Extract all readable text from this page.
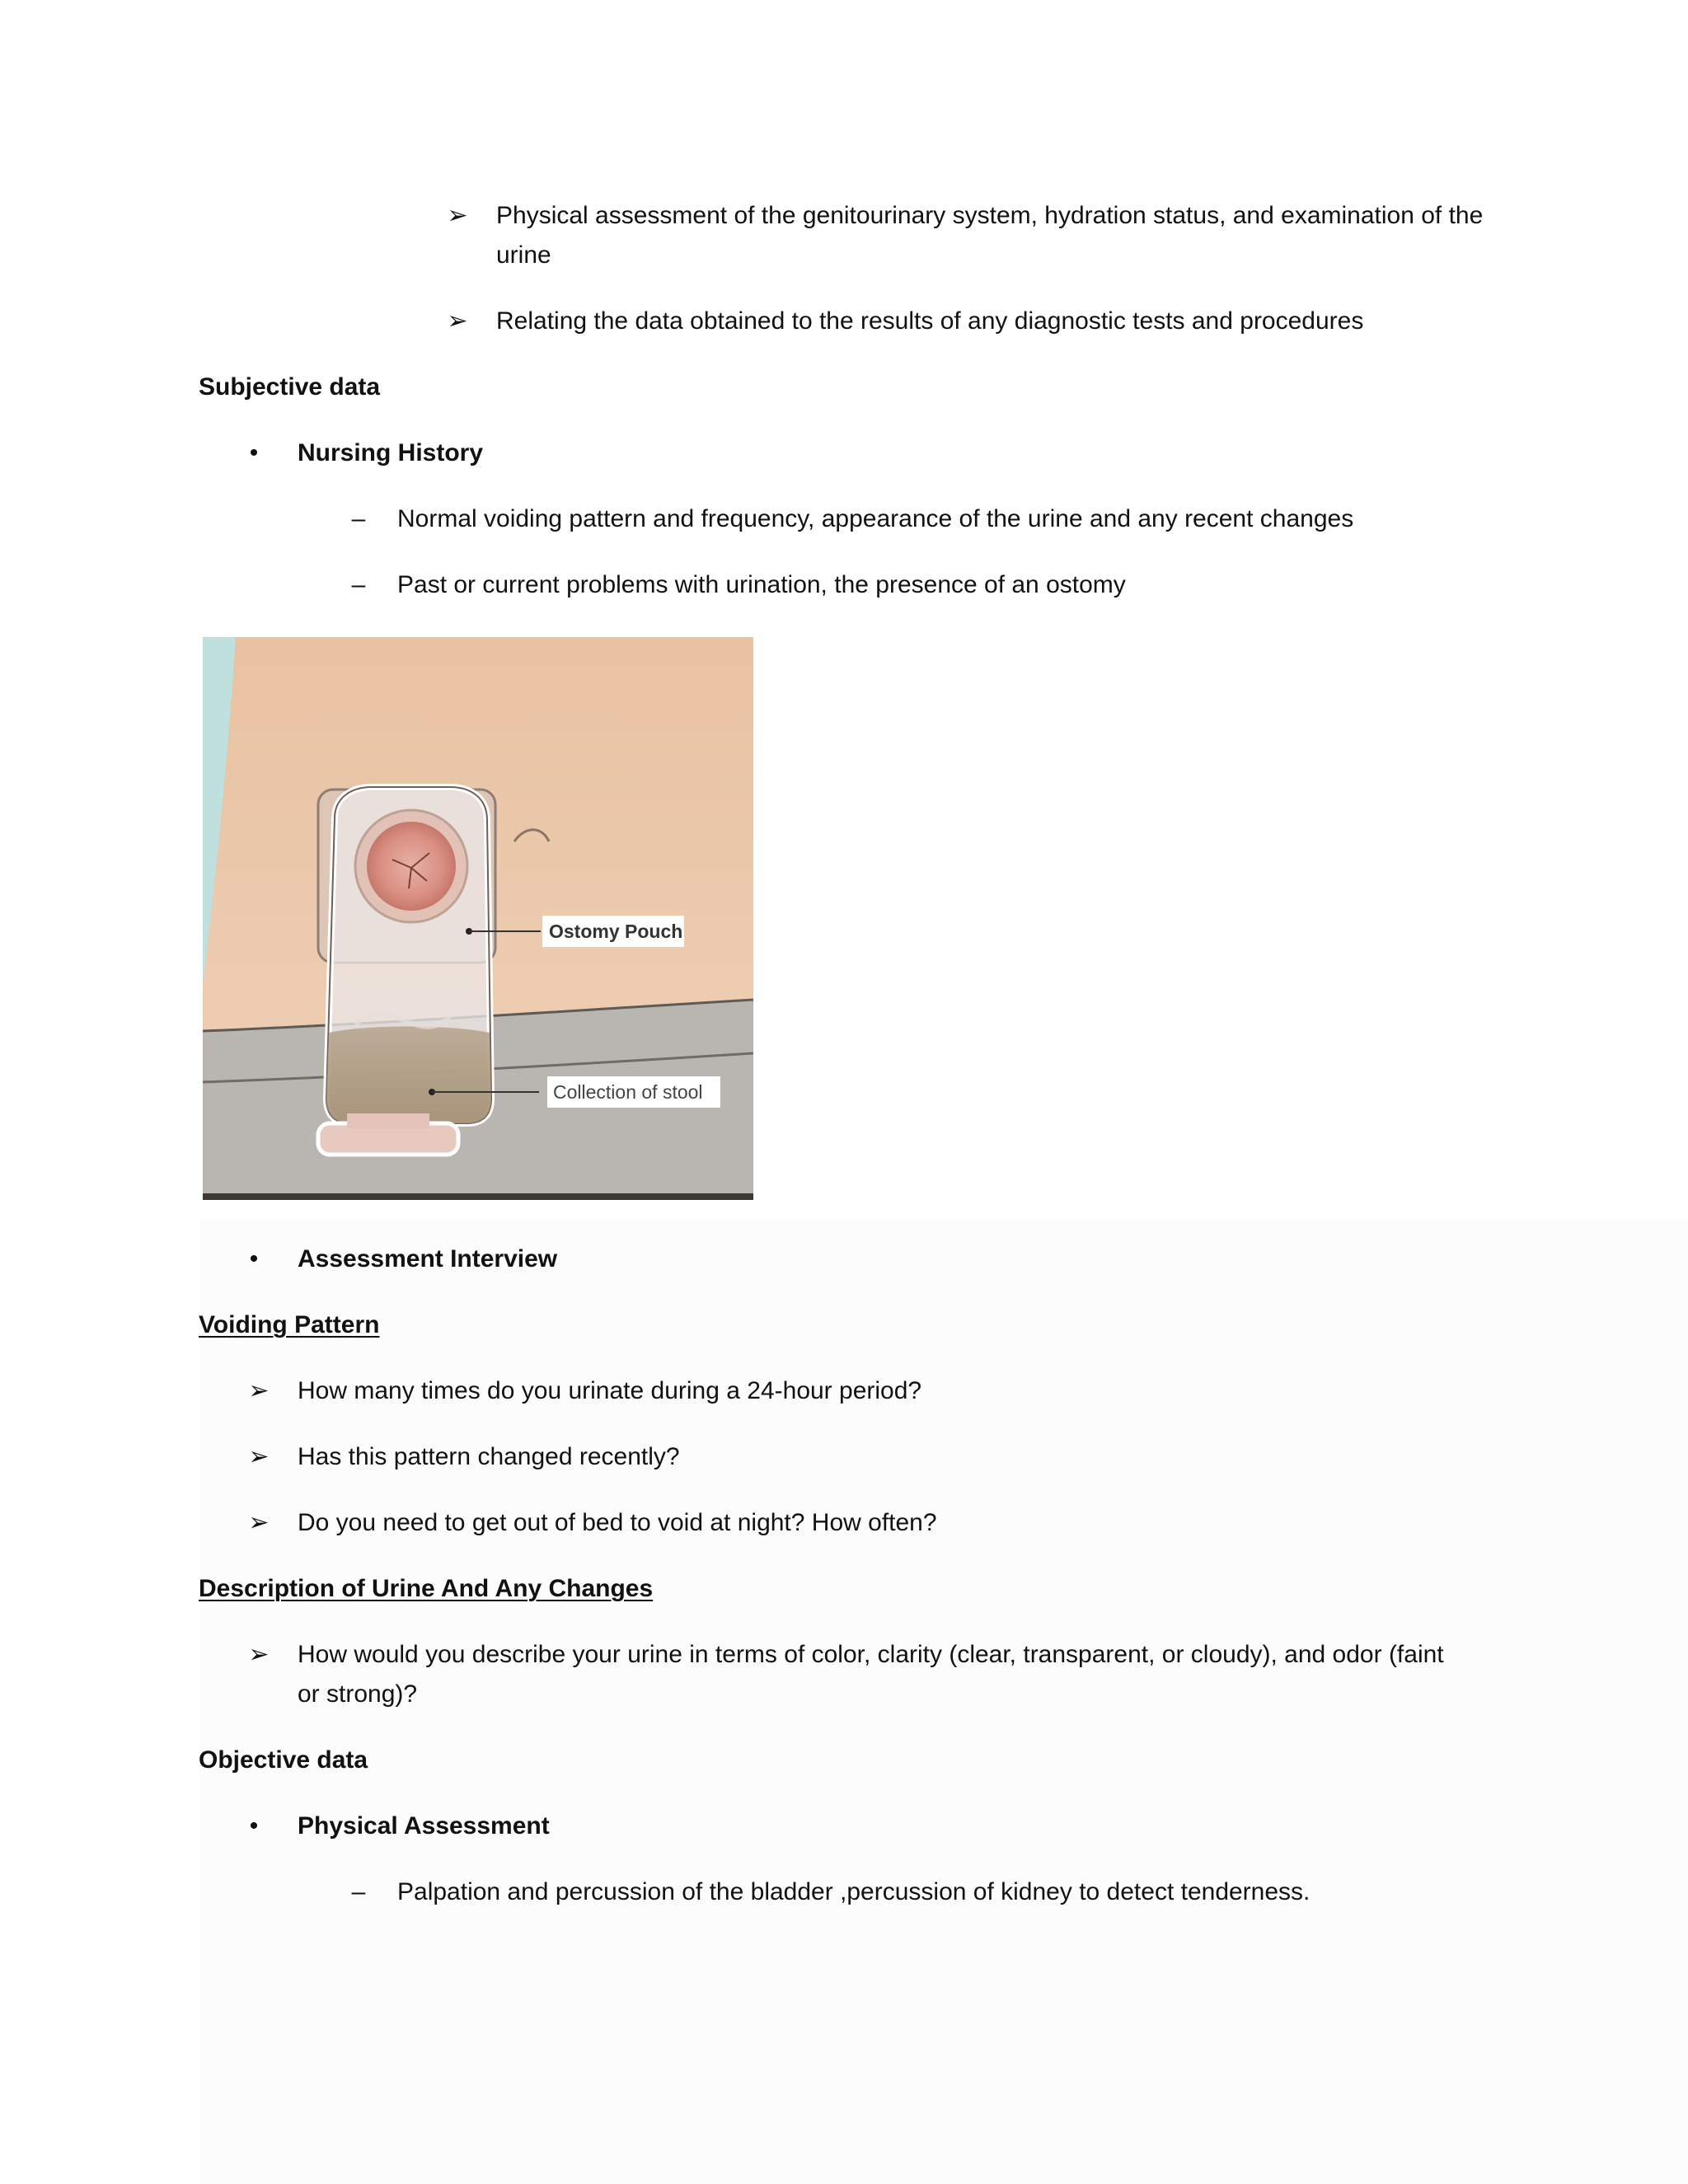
➢ Physical assessment of the genitourinary system, hydration status, and examination of the urine
➢ Relating the data obtained to the results of any diagnostic tests and procedures
Subjective data
•	Nursing History
–	Normal voiding pattern and frequency, appearance of the urine and any recent changes
–	Past or current problems with urination, the presence of an ostomy
Ostomy Pouch
Collection of stool
•	Assessment Interview
Voiding Pattern
➢ How many times do you urinate during a 24-hour period?
➢ Has this pattern changed recently?
➢ Do you need to get out of bed to void at night? How often?
Description of Urine And Any Changes
➢ How would you describe your urine in terms of color, clarity (clear, transparent, or cloudy), and odor (faint or strong)?
Objective data
•	Physical Assessment
–	Palpation and percussion of the bladder ,percussion of kidney to detect tenderness.
